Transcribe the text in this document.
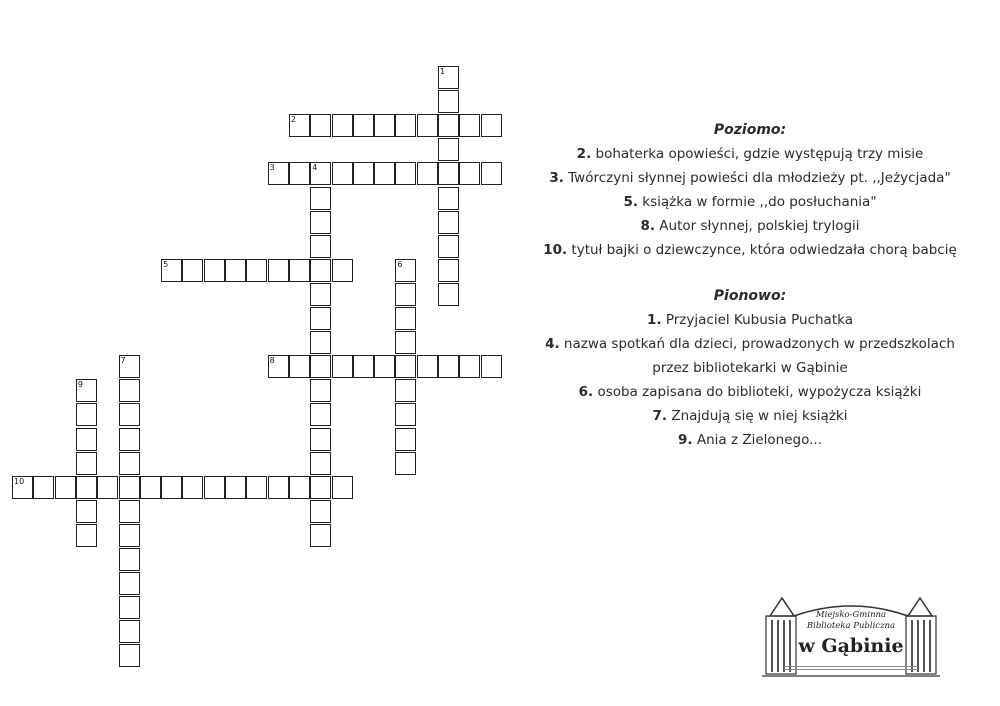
1
2
3	4
5	6
7	8
9
10

Poziomo:

2. bohaterka opowieści, gdzie występują trzy misie
3. Twórczyni słynnej powieści dla młodzieży pt. ,,Jeżycjada"
5. książka w formie ,,do posłuchania"
8. Autor słynnej, polskiej trylogii
10. tytuł bajki o dziewczynce, która odwiedzała chorą babcię

Pionowo:

1. Przyjaciel Kubusia Puchatka
4. nazwa spotkań dla dzieci, prowadzonych w przedszkolach
przez bibliotekarki w Gąbinie
6. osoba zapisana do biblioteki, wypożycza książki
7. Znajdują się w niej książki
9. Ania z Zielonego...
Miejsko-Gminna
Biblioteka Publiczna
w Gąbinie
